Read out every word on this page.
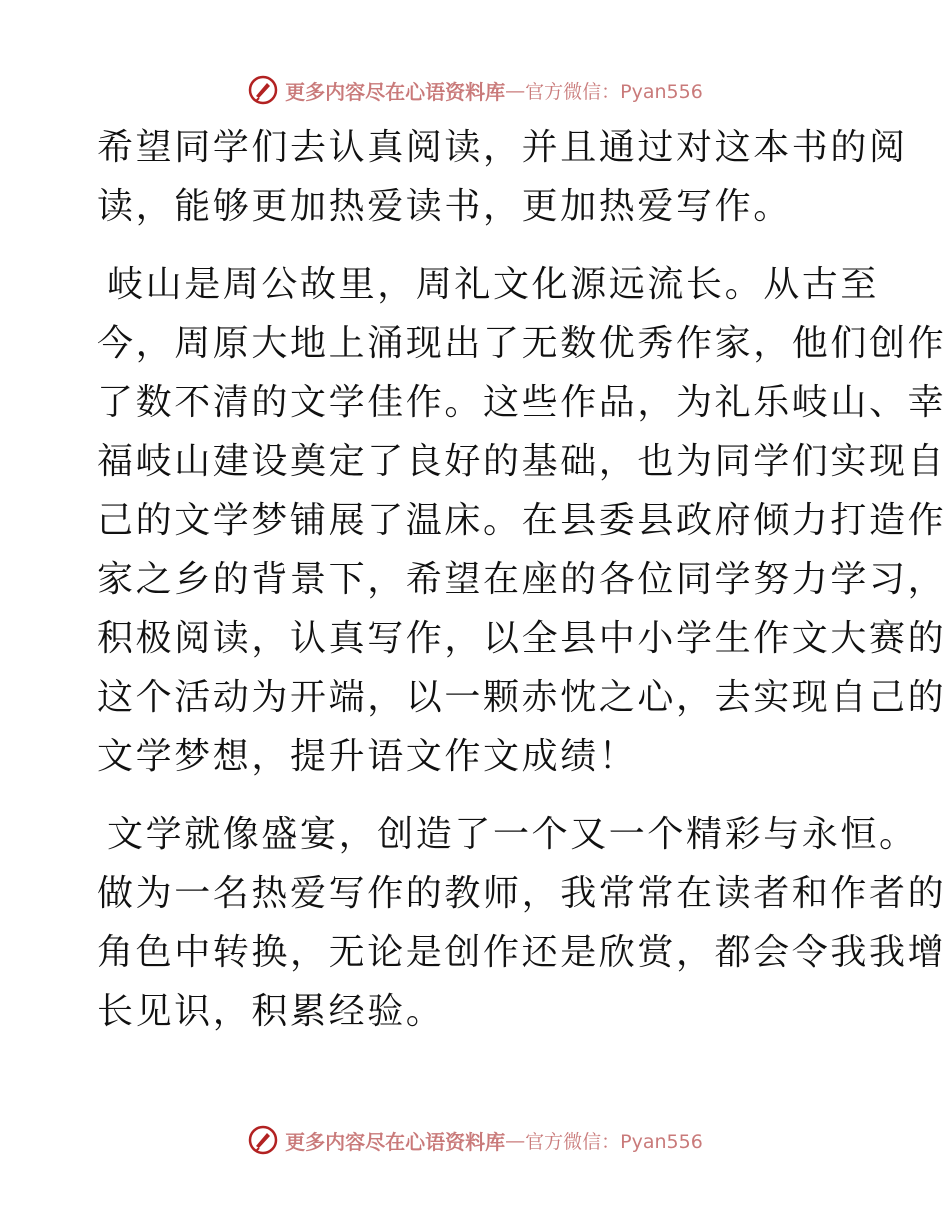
更多内容尽在心语资料库 — 官方微信：Pyan556
希望同学们去认真阅读，并且通过对这本书的阅
读，能够更加热爱读书，更加热爱写作。
岐山是周公故里，周礼文化源远流长。从古至
今，周原大地上涌现出了无数优秀作家，他们创作
了数不清的文学佳作。这些作品，为礼乐岐山、幸
福岐山建设奠定了良好的基础，也为同学们实现自
己的文学梦铺展了温床。在县委县政府倾力打造作
家之乡的背景下，希望在座的各位同学努力学习，
积极阅读，认真写作，以全县中小学生作文大赛的
这个活动为开端，以一颗赤忱之心，去实现自己的
文学梦想，提升语文作文成绩！
文学就像盛宴，创造了一个又一个精彩与永恒。
做为一名热爱写作的教师，我常常在读者和作者的
角色中转换，无论是创作还是欣赏，都会令我我增
长见识，积累经验。
更多内容尽在心语资料库 — 官方微信：Pyan556
